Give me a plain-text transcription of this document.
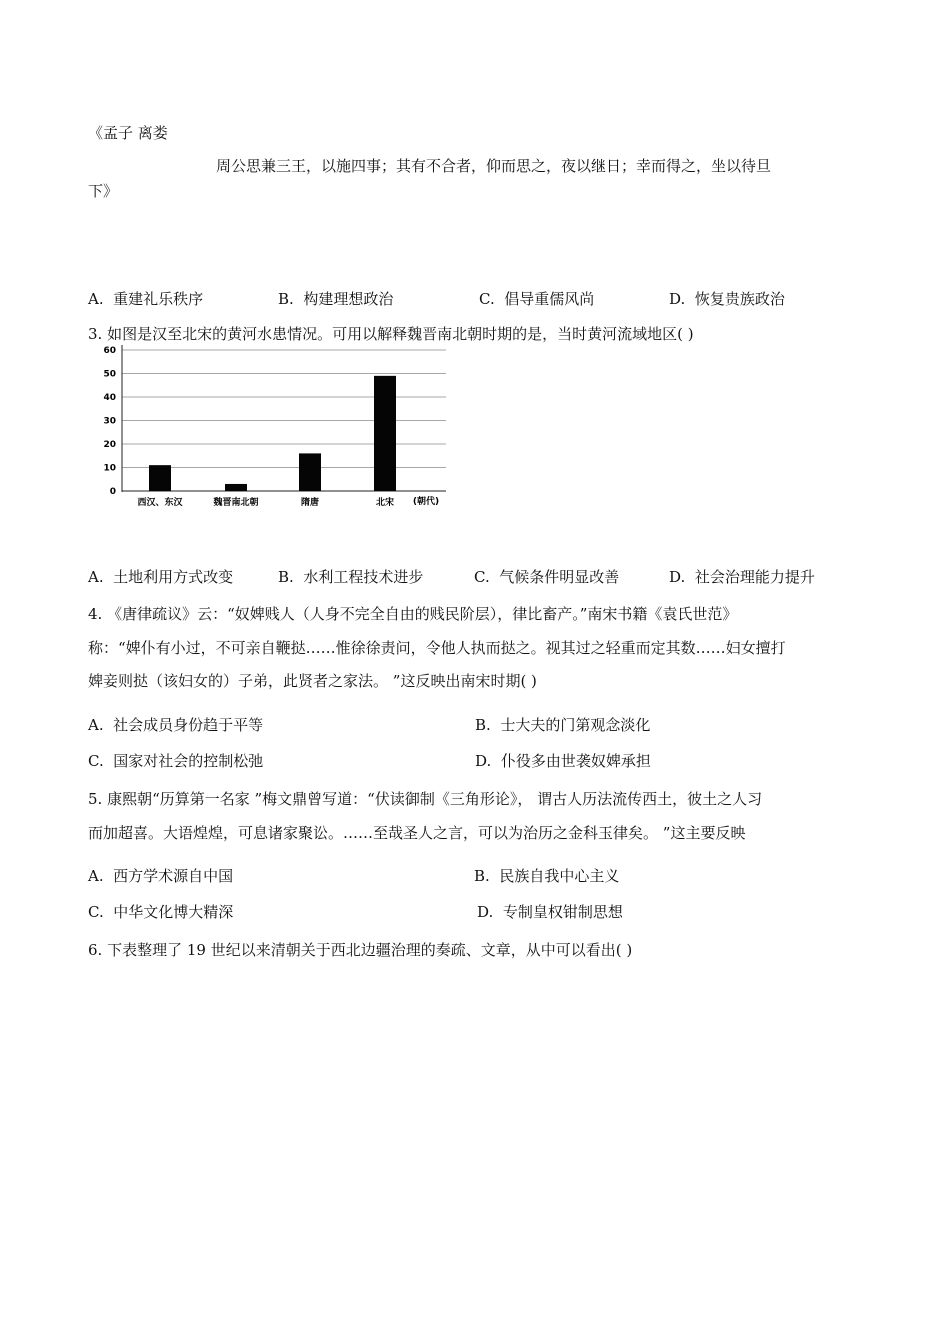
《孟子 离娄
周公思兼三王，以施四事；其有不合者，仰而思之，夜以继日；幸而得之，坐以待旦
下》
A. 重建礼乐秩序	B. 构建理想政治	C. 倡导重儒风尚	D. 恢复贵族政治
3. 如图是汉至北宋的黄河水患情况。可用以解释魏晋南北朝时期的是，当时黄河流域地区( )
0
10
20
30
40
50
60
西汉、东汉	魏晋南北朝	隋唐	北宋 (朝代)
A. 土地利用方式改变	B. 水利工程技术进步	C. 气候条件明显改善	D. 社会治理能力提升
4. 《唐律疏议》云：“奴婢贱人（人身不完全自由的贱民阶层），律比畜产。”南宋书籍《袁氏世范》
称：“婢仆有小过，不可亲自鞭挞……惟徐徐责问，令他人执而挞之。视其过之轻重而定其数……妇女擅打
婢妾则挞（该妇女的）子弟，此贤者之家法。 ”这反映出南宋时期( )
A. 社会成员身份趋于平等	B. 士大夫的门第观念淡化
C. 国家对社会的控制松弛	D. 仆役多由世袭奴婢承担
5. 康熙朝“历算第一名家 ”梅文鼎曾写道：“伏读御制《三角形论》， 谓古人历法流传西土，彼土之人习
而加超喜。大语煌煌，可息诸家聚讼。……至哉圣人之言，可以为治历之金科玉律矣。 ”这主要反映
A. 西方学术源自中国	B. 民族自我中心主义
C. 中华文化博大精深	D. 专制皇权钳制思想
6. 下表整理了 19 世纪以来清朝关于西北边疆治理的奏疏、文章，从中可以看出( )
